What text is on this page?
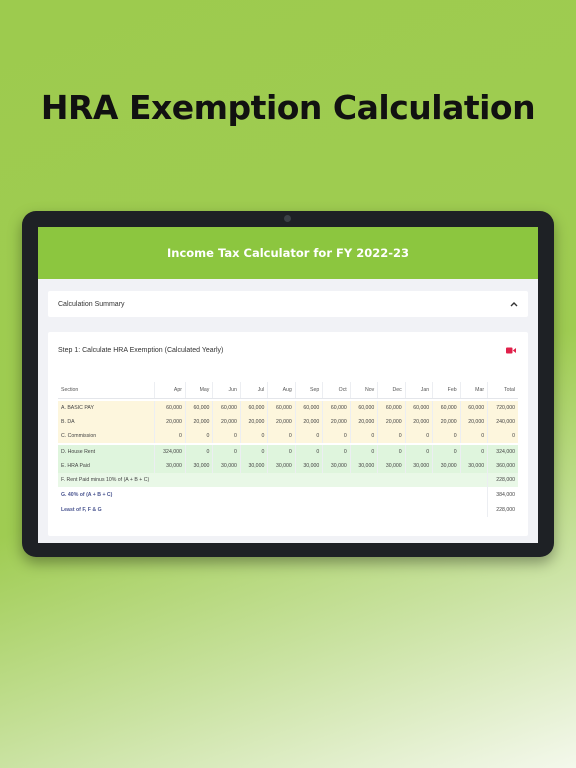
HRA Exemption Calculation
Income Tax Calculator for FY 2022-23
Calculation Summary
Step 1: Calculate HRA Exemption (Calculated Yearly)
Section	Apr	May	Jun	Jul	Aug	Sep	Oct	Nov	Dec	Jan	Feb	Mar	Total

A. BASIC PAY	60,000	60,000	60,000	60,000	60,000	60,000	60,000	60,000	60,000	60,000	60,000	60,000	720,000
B. DA	20,000	20,000	20,000	20,000	20,000	20,000	20,000	20,000	20,000	20,000	20,000	20,000	240,000
C. Commission	0	0	0	0	0	0	0	0	0	0	0	0	0

D. House Rent	324,000	0	0	0	0	0	0	0	0	0	0	0	324,000
E. HRA Paid	30,000	30,000	30,000	30,000	30,000	30,000	30,000	30,000	30,000	30,000	30,000	30,000	360,000
F. Rent Paid minus 10% of (A + B + C)													228,000
G. 40% of (A + B + C)													384,000
Least of F, F & G													228,000
